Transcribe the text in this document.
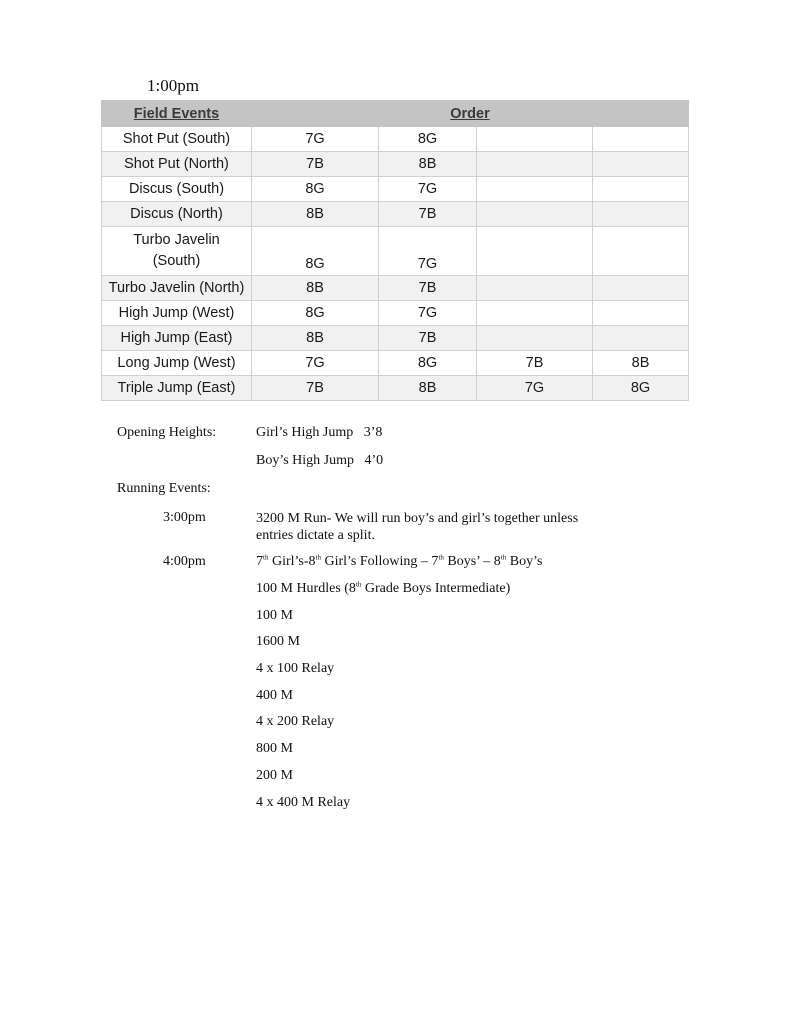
1:00pm
Field Events	Order			
Shot Put (South)	7G	8G		
Shot Put (North)	7B	8B		
Discus (South)	8G	7G		
Discus (North)	8B	7B		
Turbo Javelin
(South)	8G	7G		
Turbo Javelin (North)	8B	7B		
High Jump (West)	8G	7G		
High Jump (East)	8B	7B		
Long Jump (West)	7G	8G	7B	8B
Triple Jump (East)	7B	8B	7G	8G
Opening Heights:	Girl’s High Jump 3’8
Boy’s High Jump 4’0
Running Events:
3:00pm	3200 M Run- We will run boy’s and girl’s together unless entries dictate a split.
4:00pm	7th Girl’s-8th Girl’s Following – 7th Boys’ – 8th Boy’s
100 M Hurdles (8th Grade Boys Intermediate)
100 M
1600 M
4 x 100 Relay
400 M
4 x 200 Relay
800 M
200 M
4 x 400 M Relay
